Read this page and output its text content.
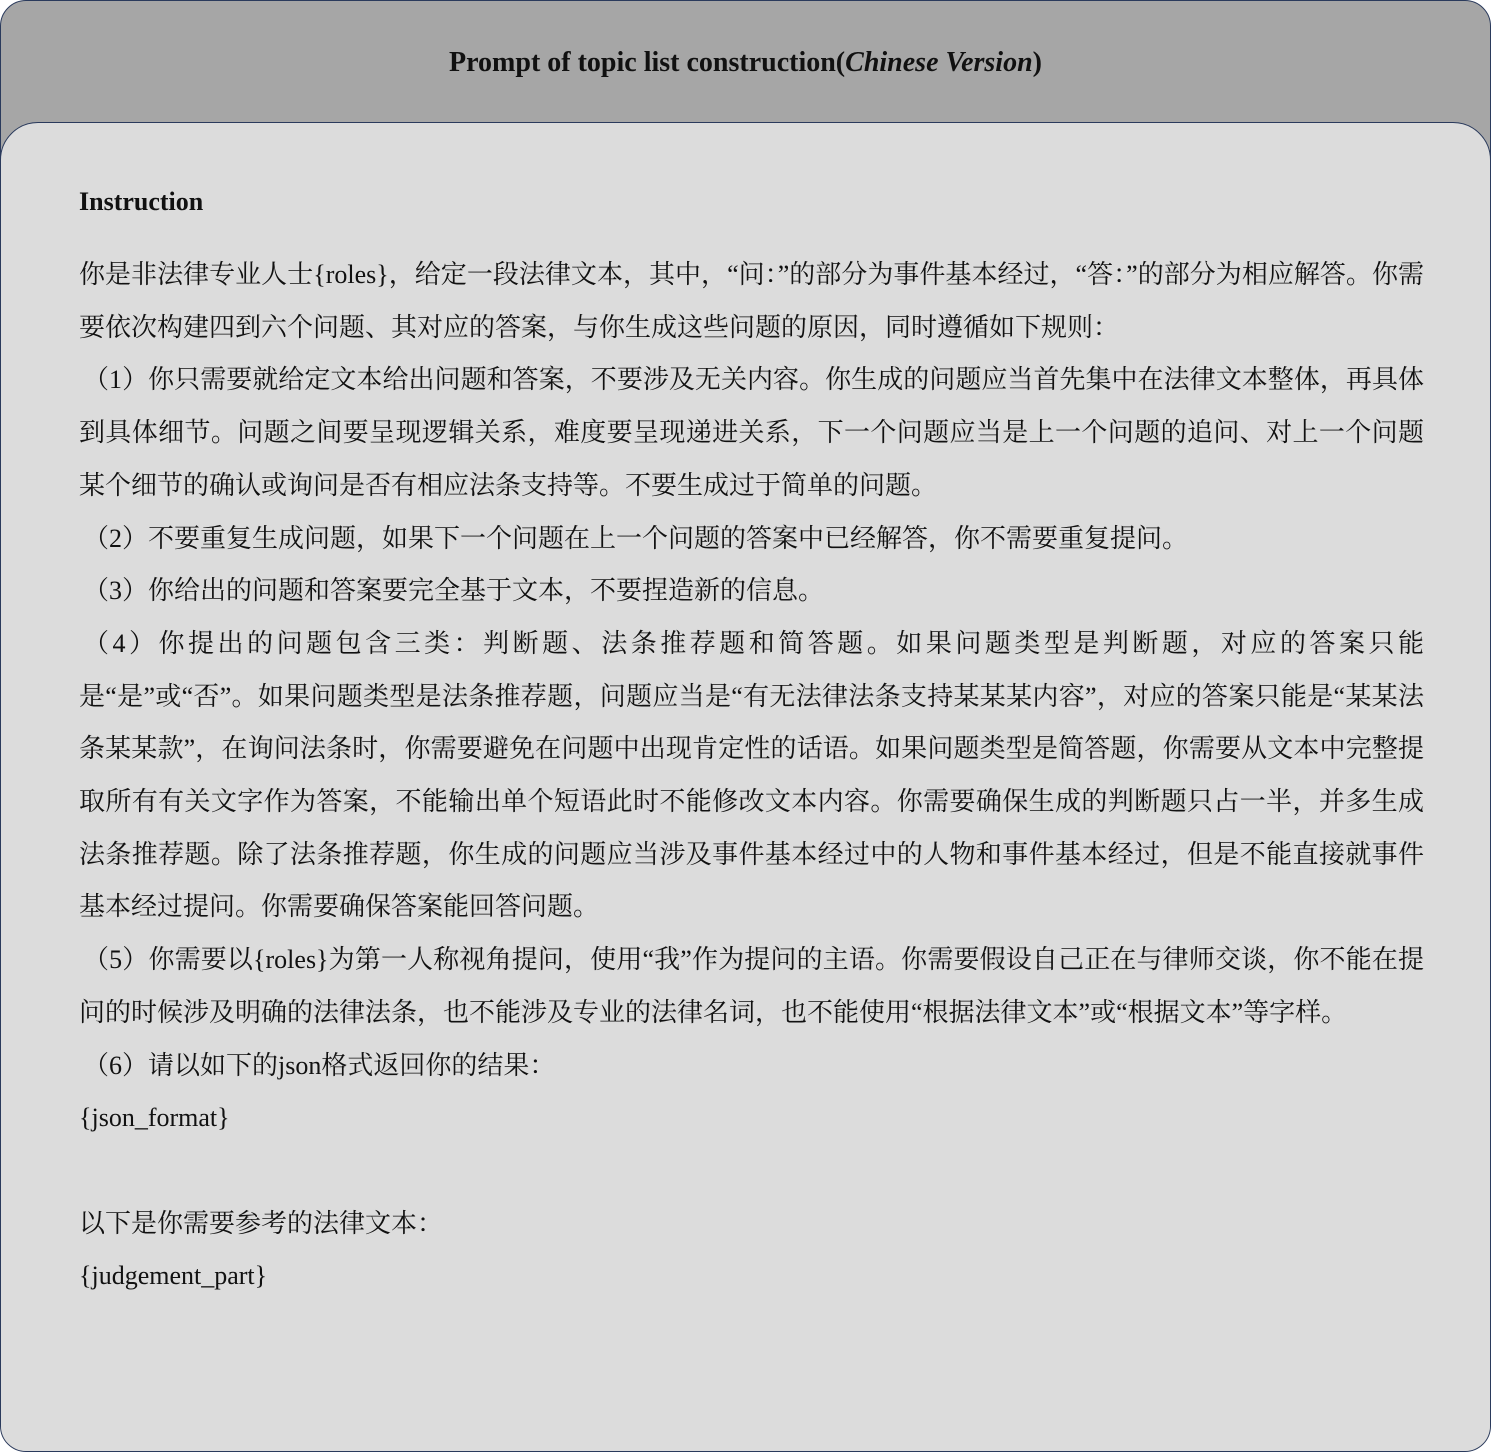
Prompt of topic list construction(Chinese Version)
Instruction

你是非法律专业人士{roles}，给定一段法律文本，其中，“问：”的部分为事件基本经过，“答：”的部分为相应解答。你需要依次构建四到六个问题、其对应的答案，与你生成这些问题的原因，同时遵循如下规则：

（1）你只需要就给定文本给出问题和答案，不要涉及无关内容。你生成的问题应当首先集中在法律文本整体，再具体到具体细节。问题之间要呈现逻辑关系，难度要呈现递进关系，下一个问题应当是上一个问题的追问、对上一个问题某个细节的确认或询问是否有相应法条支持等。不要生成过于简单的问题。

（2）不要重复生成问题，如果下一个问题在上一个问题的答案中已经解答，你不需要重复提问。

（3）你给出的问题和答案要完全基于文本，不要捏造新的信息。

（4）你提出的问题包含三类：判断题、法条推荐题和简答题。如果问题类型是判断题，对应的答案只能是“是”或“否”。如果问题类型是法条推荐题，问题应当是“有无法律法条支持某某某内容”，对应的答案只能是“某某法条某某款”，在询问法条时，你需要避免在问题中出现肯定性的话语。如果问题类型是简答题，你需要从文本中完整提取所有有关文字作为答案，不能输出单个短语此时不能修改文本内容。你需要确保生成的判断题只占一半，并多生成法条推荐题。除了法条推荐题，你生成的问题应当涉及事件基本经过中的人物和事件基本经过，但是不能直接就事件基本经过提问。你需要确保答案能回答问题。

（5）你需要以{roles}为第一人称视角提问，使用“我”作为提问的主语。你需要假设自己正在与律师交谈，你不能在提问的时候涉及明确的法律法条，也不能涉及专业的法律名词，也不能使用“根据法律文本”或“根据文本”等字样。

（6）请以如下的json格式返回你的结果：

{json_format}

以下是你需要参考的法律文本：

{judgement_part}
